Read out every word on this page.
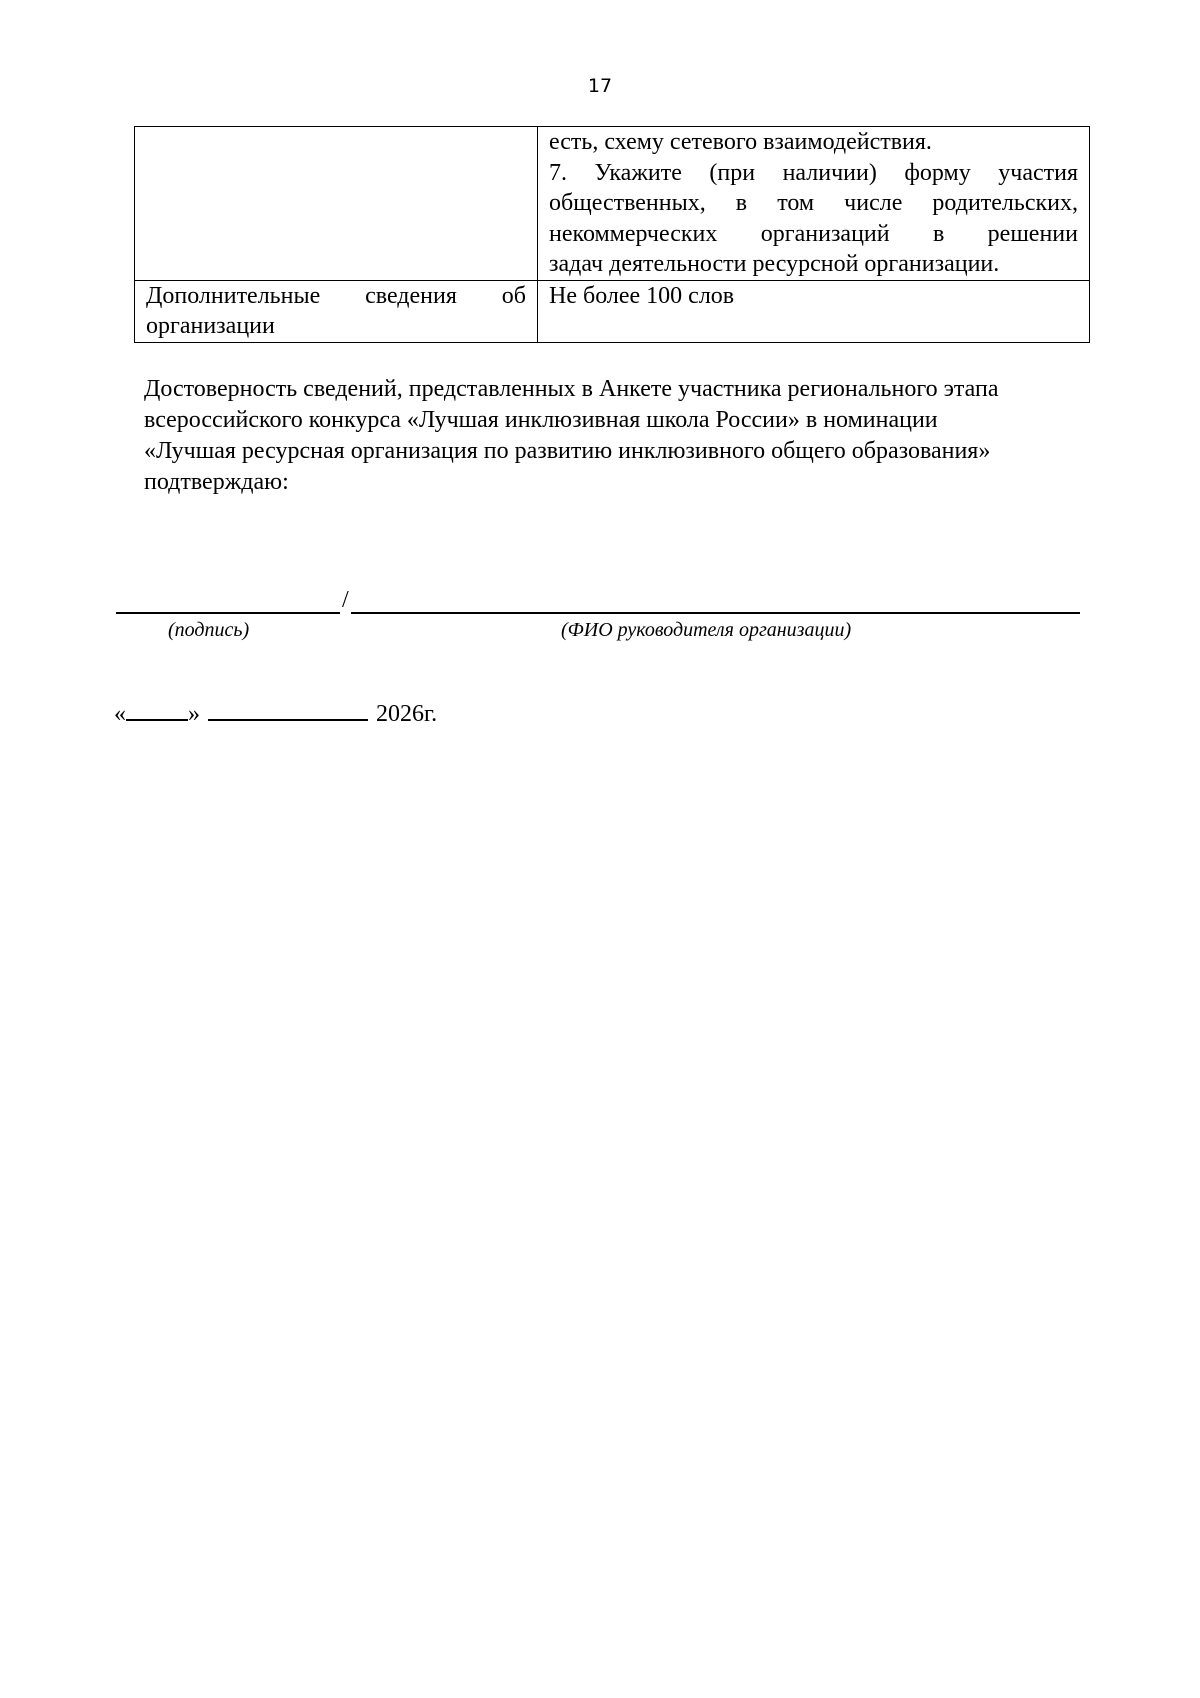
17

	есть, схему сетевого взаимодействия.
7. Укажите (при наличии) форму участия
общественных, в том числе родительских,
некоммерческих организаций в решении
задач деятельности ресурсной организации.

Дополнительные сведения об
организации	Не более 100 слов
Достоверность сведений, представленных в Анкете участника регионального этапа
всероссийского конкурса «Лучшая инклюзивная школа России» в номинации
«Лучшая ресурсная организация по развитию инклюзивного общего образования»
подтверждаю:
/
(подпись)	(ФИО руководителя организации)
«	»	2026г.
